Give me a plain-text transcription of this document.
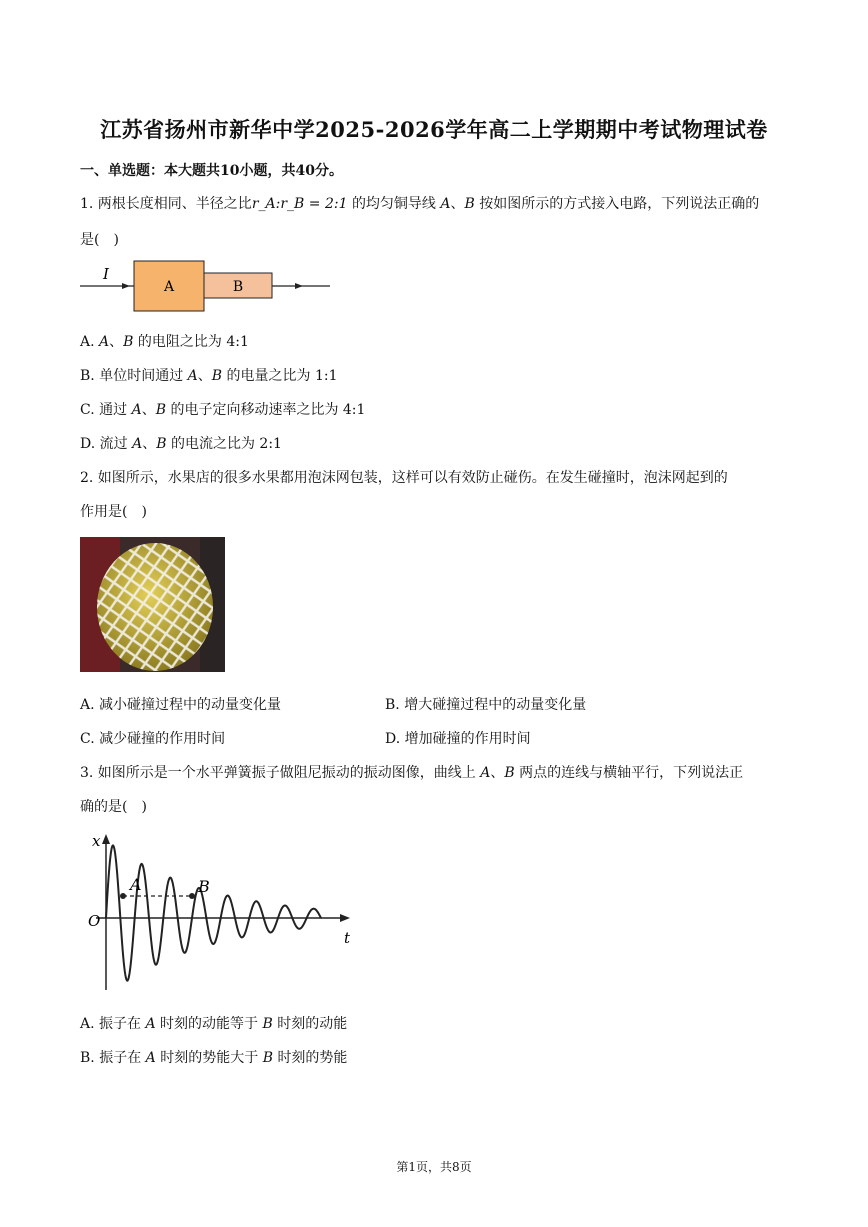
江苏省扬州市新华中学2025-2026学年高二上学期期中考试物理试卷
一、单选题：本大题共10小题，共40分。
1. 两根长度相同、半径之比r_A:r_B = 2:1 的均匀铜导线 A、B 按如图所示的方式接入电路，下列说法正确的
是(　)
I
A	B
A. A、B 的电阻之比为 4:1
B. 单位时间通过 A、B 的电量之比为 1:1
C. 通过 A、B 的电子定向移动速率之比为 4:1
D. 流过 A、B 的电流之比为 2:1
2. 如图所示，水果店的很多水果都用泡沫网包装，这样可以有效防止碰伤。在发生碰撞时，泡沫网起到的
作用是(　)
A. 减小碰撞过程中的动量变化量	B. 增大碰撞过程中的动量变化量
C. 减少碰撞的作用时间	D. 增加碰撞的作用时间
3. 如图所示是一个水平弹簧振子做阻尼振动的振动图像，曲线上 A、B 两点的连线与横轴平行，下列说法正
确的是(　)
x
t
O
A	B
A. 振子在 A 时刻的动能等于 B 时刻的动能
B. 振子在 A 时刻的势能大于 B 时刻的势能
第1页，共8页
